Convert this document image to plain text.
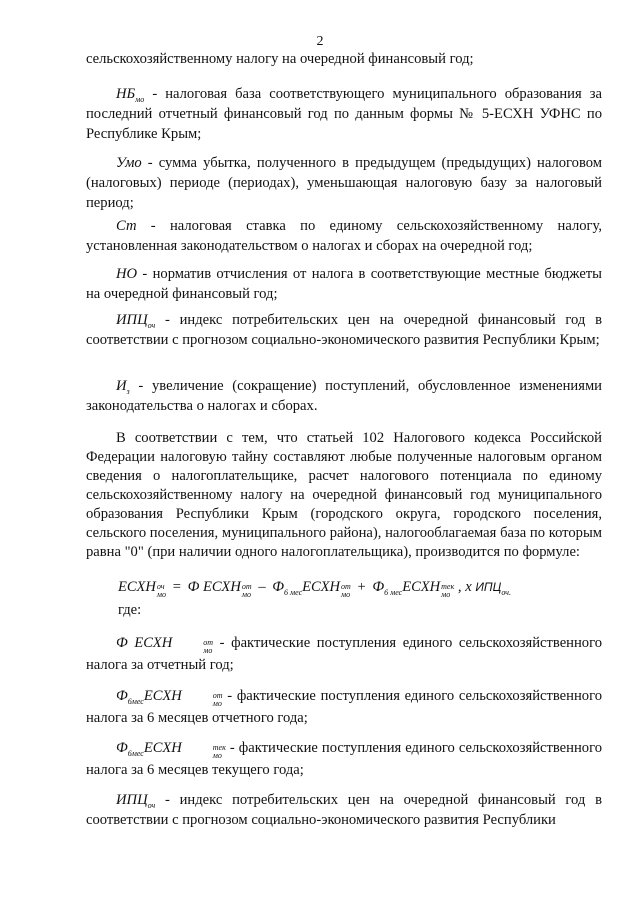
2

сельскохозяйственному налогу на очередной финансовый год;

$НБ_{мо}$ - налоговая база соответствующего муниципального образования за последний отчетный финансовый год по данным формы № 5-ЕСХН УФНС по Республике Крым;

Умо - сумма убытка, полученного в предыдущем (предыдущих) налоговом (налоговых) периоде (периодах), уменьшающая налоговую базу за налоговый период;

Ст - налоговая ставка по единому сельскохозяйственному налогу, установленная законодательством о налогах и сборах на очередной год;

НО - норматив отчисления от налога в соответствующие местные бюджеты на очередной финансовый год;

$ИПЦ_{оч}$ - индекс потребительских цен на очередной финансовый год в соответствии с прогнозом социально-экономического развития Республики Крым;

$И_з$ - увеличение (сокращение) поступлений, обусловленное изменениями законодательства о налогах и сборах.

В соответствии с тем, что статьей 102 Налогового кодекса Российской Федерации налоговую тайну составляют любые полученные налоговым органом сведения о налогоплательщике, расчет налогового потенциала по единому сельскохозяйственному налогу на очередной финансовый год муниципального образования Республики Крым (городского округа, городского поселения, сельского поселения, муниципального района), налогооблагаемая база по которым равна "0" (при наличии одного налогоплательщика), производится по формуле:

ЕСХН оч
мо = Ф ЕСХН от
мо – $Ф_{6 мес}ЕСХН$ от
мо + $Ф_{6 мес}ЕСХН$ тек
мо , х $ИПЦ_{оч.}$

где:

Ф ЕСХН	от
мо - фактические поступления единого сельскохозяйственного налога за отчетный год;

$Ф_{6мес}ЕСХН$	от
мо - фактические поступления единого сельскохозяйственного налога за 6 месяцев отчетного года;

$Ф_{6мес}ЕСХН$	тек
мо - фактические поступления единого сельскохозяйственного налога за 6 месяцев текущего года;

$ИПЦ_{оч}$ - индекс потребительских цен на очередной финансовый год в соответствии с прогнозом социально-экономического развития Республики
